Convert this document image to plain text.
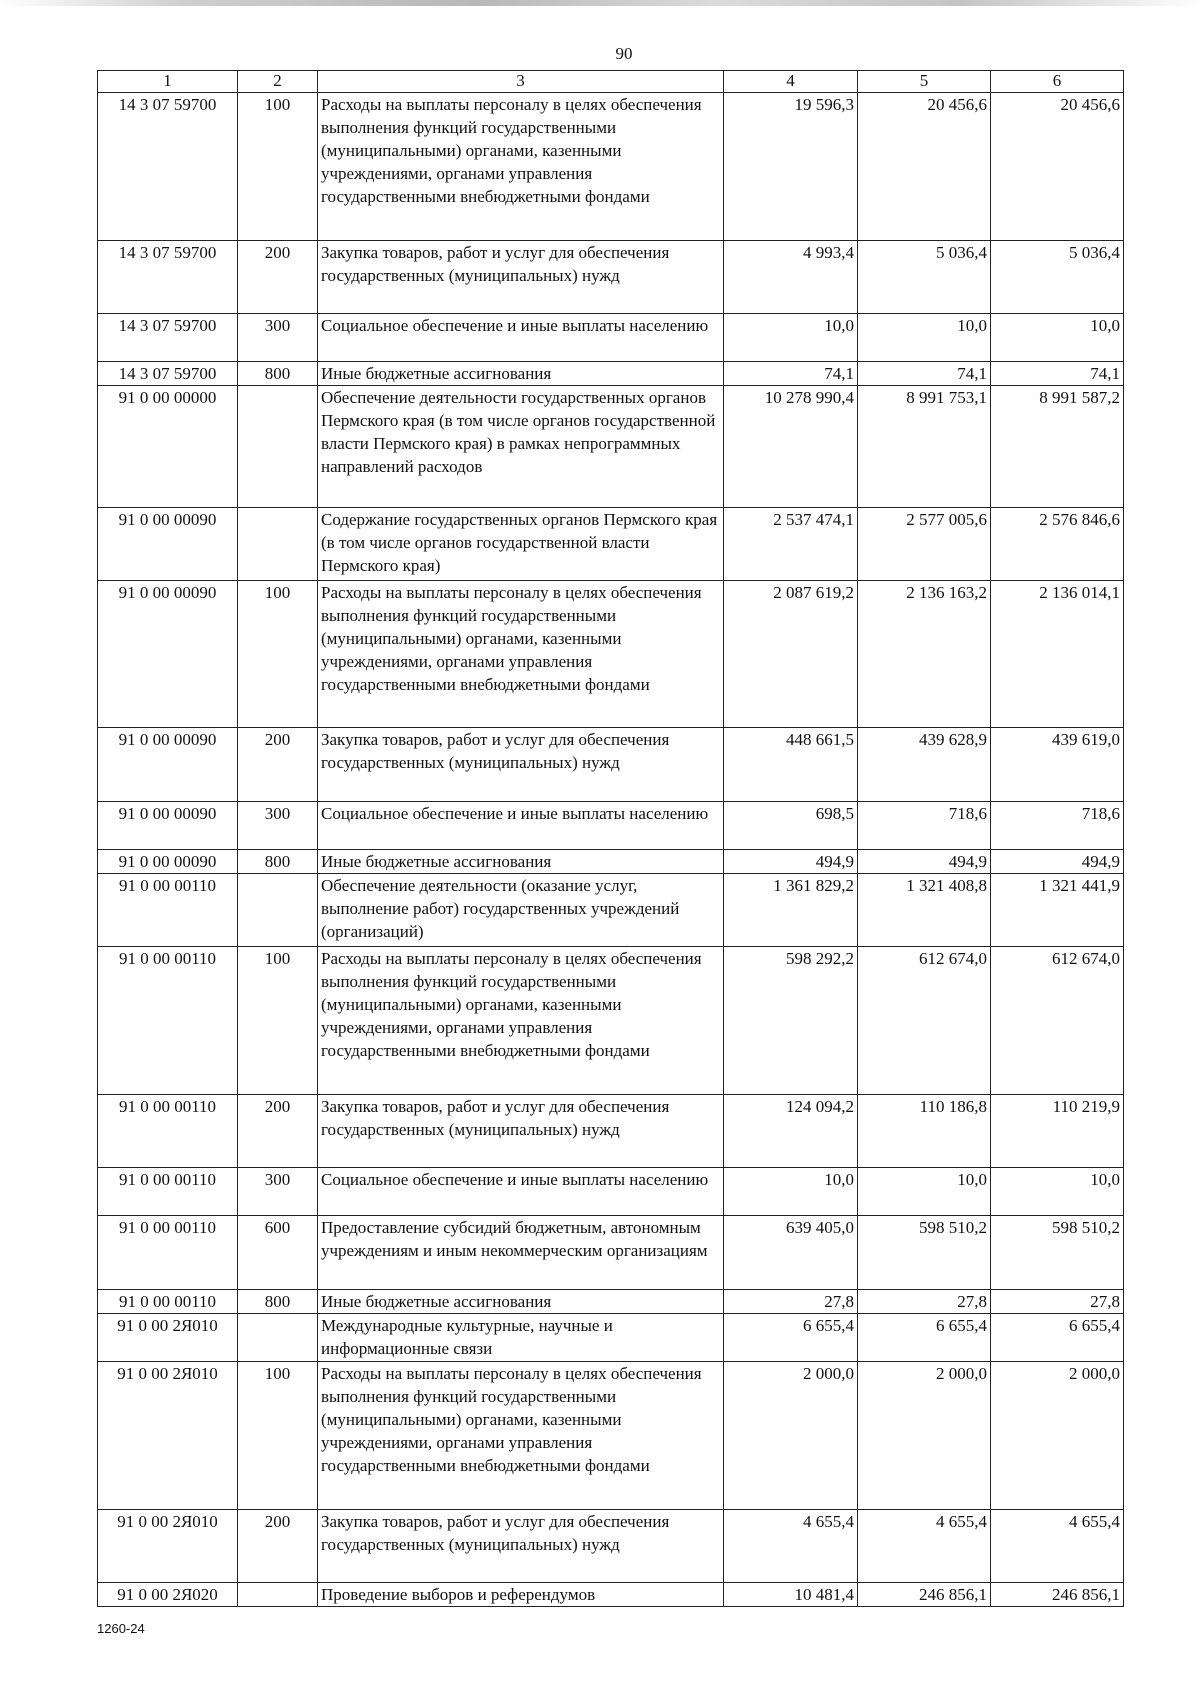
90
1	2	3	4	5	6
14 3 07 59700	100	Расходы на выплаты персоналу в целях обеспечения выполнения функций государственными (муниципальными) органами, казенными учреждениями, органами управления государственными внебюджетными фондами	19 596,3	20 456,6	20 456,6
14 3 07 59700	200	Закупка товаров, работ и услуг для обеспечения государственных (муниципальных) нужд	4 993,4	5 036,4	5 036,4
14 3 07 59700	300	Социальное обеспечение и иные выплаты населению	10,0	10,0	10,0
14 3 07 59700	800	Иные бюджетные ассигнования	74,1	74,1	74,1
91 0 00 00000		Обеспечение деятельности государственных органов Пермского края (в том числе органов государственной власти Пермского края) в рамках непрограммных направлений расходов	10 278 990,4	8 991 753,1	8 991 587,2
91 0 00 00090		Содержание государственных органов Пермского края (в том числе органов государственной власти Пермского края)	2 537 474,1	2 577 005,6	2 576 846,6
91 0 00 00090	100	Расходы на выплаты персоналу в целях обеспечения выполнения функций государственными (муниципальными) органами, казенными учреждениями, органами управления государственными внебюджетными фондами	2 087 619,2	2 136 163,2	2 136 014,1
91 0 00 00090	200	Закупка товаров, работ и услуг для обеспечения государственных (муниципальных) нужд	448 661,5	439 628,9	439 619,0
91 0 00 00090	300	Социальное обеспечение и иные выплаты населению	698,5	718,6	718,6
91 0 00 00090	800	Иные бюджетные ассигнования	494,9	494,9	494,9
91 0 00 00110		Обеспечение деятельности (оказание услуг, выполнение работ) государственных учреждений (организаций)	1 361 829,2	1 321 408,8	1 321 441,9
91 0 00 00110	100	Расходы на выплаты персоналу в целях обеспечения выполнения функций государственными (муниципальными) органами, казенными учреждениями, органами управления государственными внебюджетными фондами	598 292,2	612 674,0	612 674,0
91 0 00 00110	200	Закупка товаров, работ и услуг для обеспечения государственных (муниципальных) нужд	124 094,2	110 186,8	110 219,9
91 0 00 00110	300	Социальное обеспечение и иные выплаты населению	10,0	10,0	10,0
91 0 00 00110	600	Предоставление субсидий бюджетным, автономным учреждениям и иным некоммерческим организациям	639 405,0	598 510,2	598 510,2
91 0 00 00110	800	Иные бюджетные ассигнования	27,8	27,8	27,8
91 0 00 2Я010		Международные культурные, научные и информационные связи	6 655,4	6 655,4	6 655,4
91 0 00 2Я010	100	Расходы на выплаты персоналу в целях обеспечения выполнения функций государственными (муниципальными) органами, казенными учреждениями, органами управления государственными внебюджетными фондами	2 000,0	2 000,0	2 000,0
91 0 00 2Я010	200	Закупка товаров, работ и услуг для обеспечения государственных (муниципальных) нужд	4 655,4	4 655,4	4 655,4
91 0 00 2Я020		Проведение выборов и референдумов	10 481,4	246 856,1	246 856,1
1260-24
